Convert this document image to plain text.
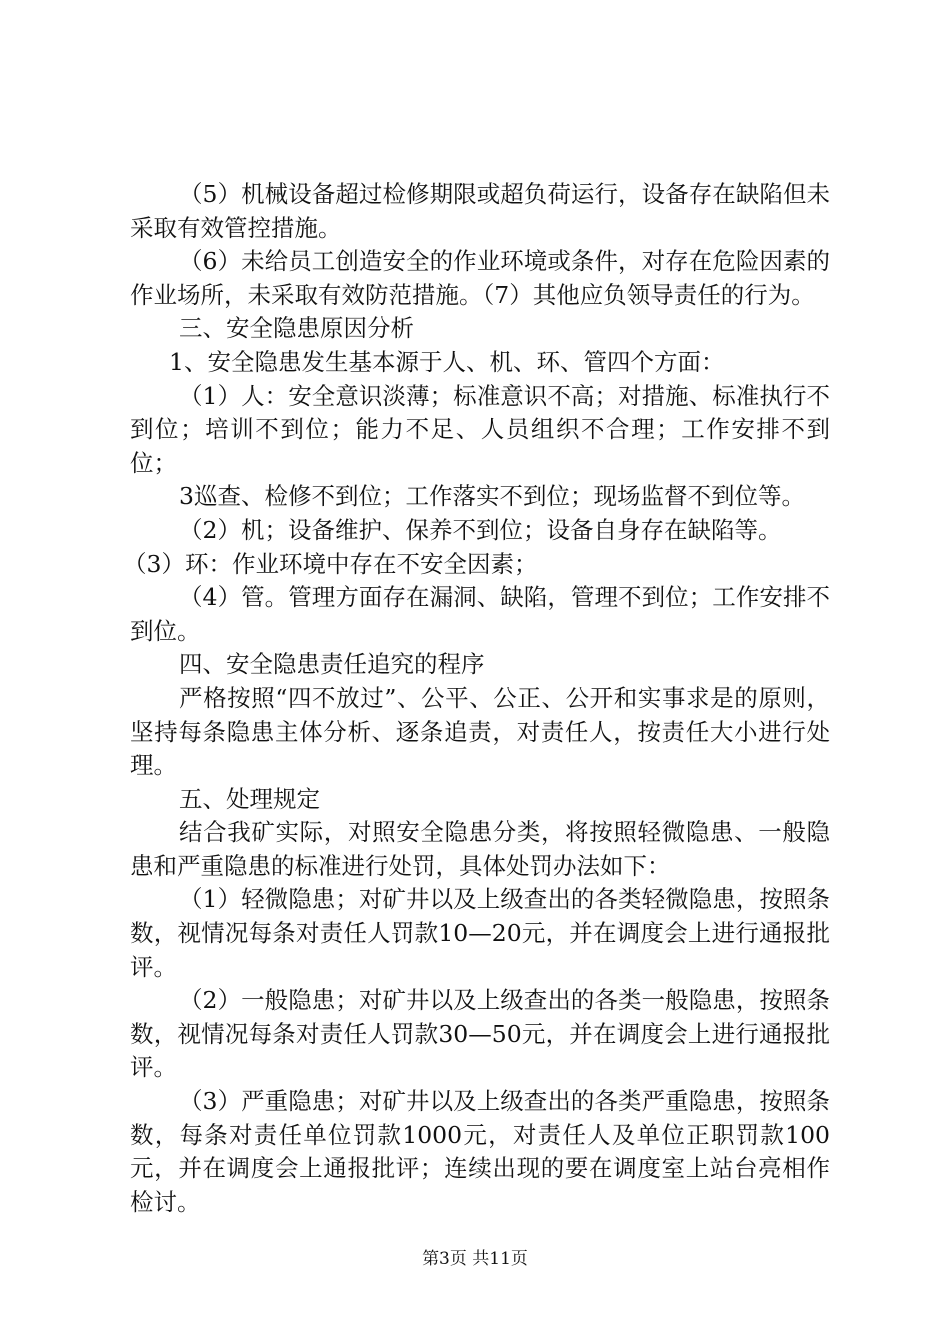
（5）机械设备超过检修期限或超负荷运行，设备存在缺陷但未采取有效管控措施。

（6）未给员工创造安全的作业环境或条件，对存在危险因素的作业场所，未采取有效防范措施。（7）其他应负领导责任的行为。

三、安全隐患原因分析

1、安全隐患发生基本源于人、机、环、管四个方面：

（1）人：安全意识淡薄；标准意识不高；对措施、标准执行不到位；培训不到位；能力不足、人员组织不合理；工作安排不到位；

3巡查、检修不到位；工作落实不到位；现场监督不到位等。

（2）机；设备维护、保养不到位；设备自身存在缺陷等。

（3）环：作业环境中存在不安全因素；

（4）管。管理方面存在漏洞、缺陷，管理不到位；工作安排不到位。

四、安全隐患责任追究的程序

严格按照“四不放过”、公平、公正、公开和实事求是的原则，坚持每条隐患主体分析、逐条追责，对责任人，按责任大小进行处理。

五、处理规定

结合我矿实际，对照安全隐患分类，将按照轻微隐患、一般隐患和严重隐患的标准进行处罚，具体处罚办法如下：

（1）轻微隐患；对矿井以及上级查出的各类轻微隐患，按照条数，视情况每条对责任人罚款10—20元，并在调度会上进行通报批评。

（2）一般隐患；对矿井以及上级查出的各类一般隐患，按照条数，视情况每条对责任人罚款30—50元，并在调度会上进行通报批评。

（3）严重隐患；对矿井以及上级查出的各类严重隐患，按照条数，每条对责任单位罚款1000元，对责任人及单位正职罚款100元，并在调度会上通报批评；连续出现的要在调度室上站台亮相作检讨。

第3页 共11页
